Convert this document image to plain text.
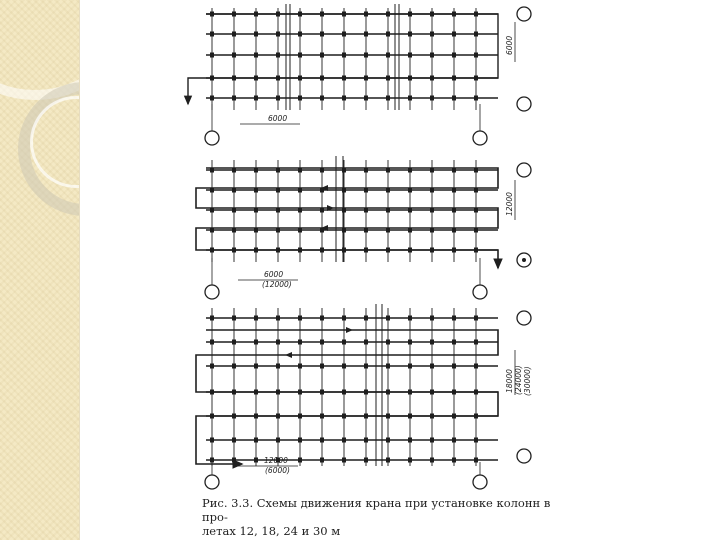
6000
6000
6000
(12000)
12000
12000
(6000)
18000 (24000) (30000)
Рис. 3.3. Схемы движения крана при установке колонн в про-
летах 12, 18, 24 и 30 м
